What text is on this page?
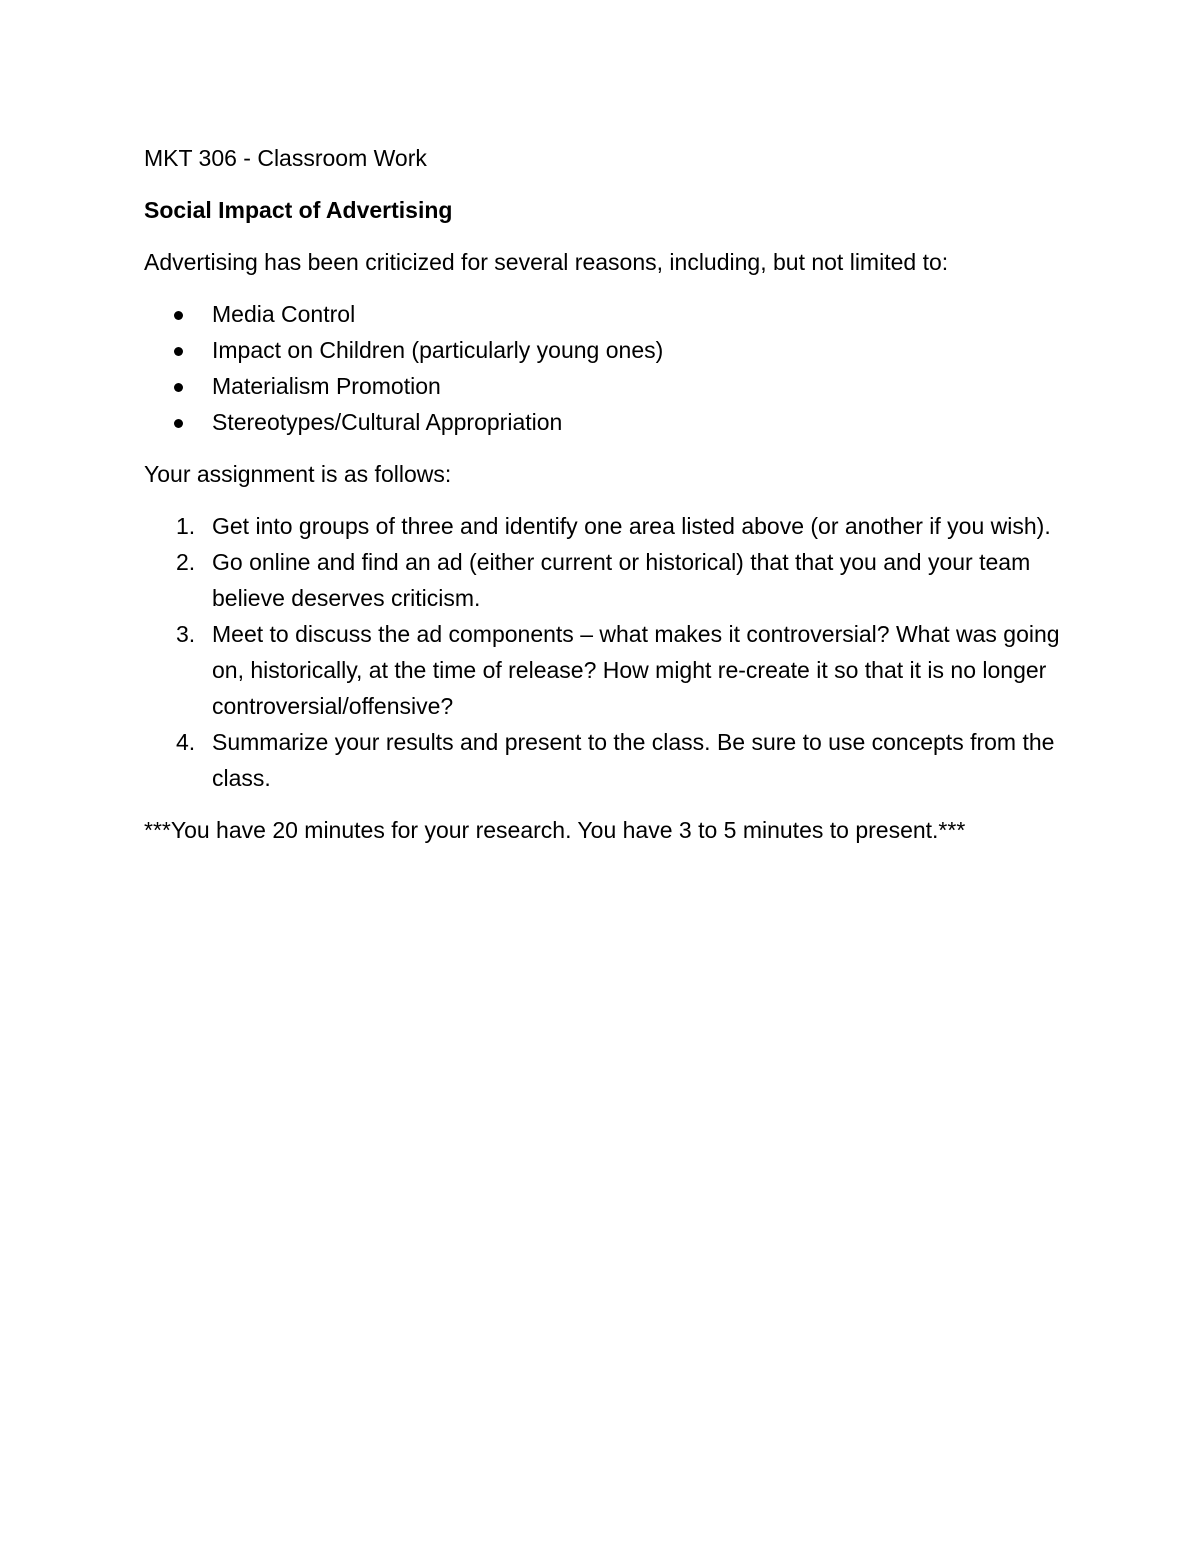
MKT 306 - Classroom Work

Social Impact of Advertising

Advertising has been criticized for several reasons, including, but not limited to:

Media Control
Impact on Children (particularly young ones)
Materialism Promotion
Stereotypes/Cultural Appropriation

Your assignment is as follows:

1. Get into groups of three and identify one area listed above (or another if you wish).
2. Go online and find an ad (either current or historical) that that you and your team believe deserves criticism.
3. Meet to discuss the ad components – what makes it controversial? What was going on, historically, at the time of release? How might re-create it so that it is no longer controversial/offensive?
4. Summarize your results and present to the class. Be sure to use concepts from the class.

***You have 20 minutes for your research. You have 3 to 5 minutes to present.***
